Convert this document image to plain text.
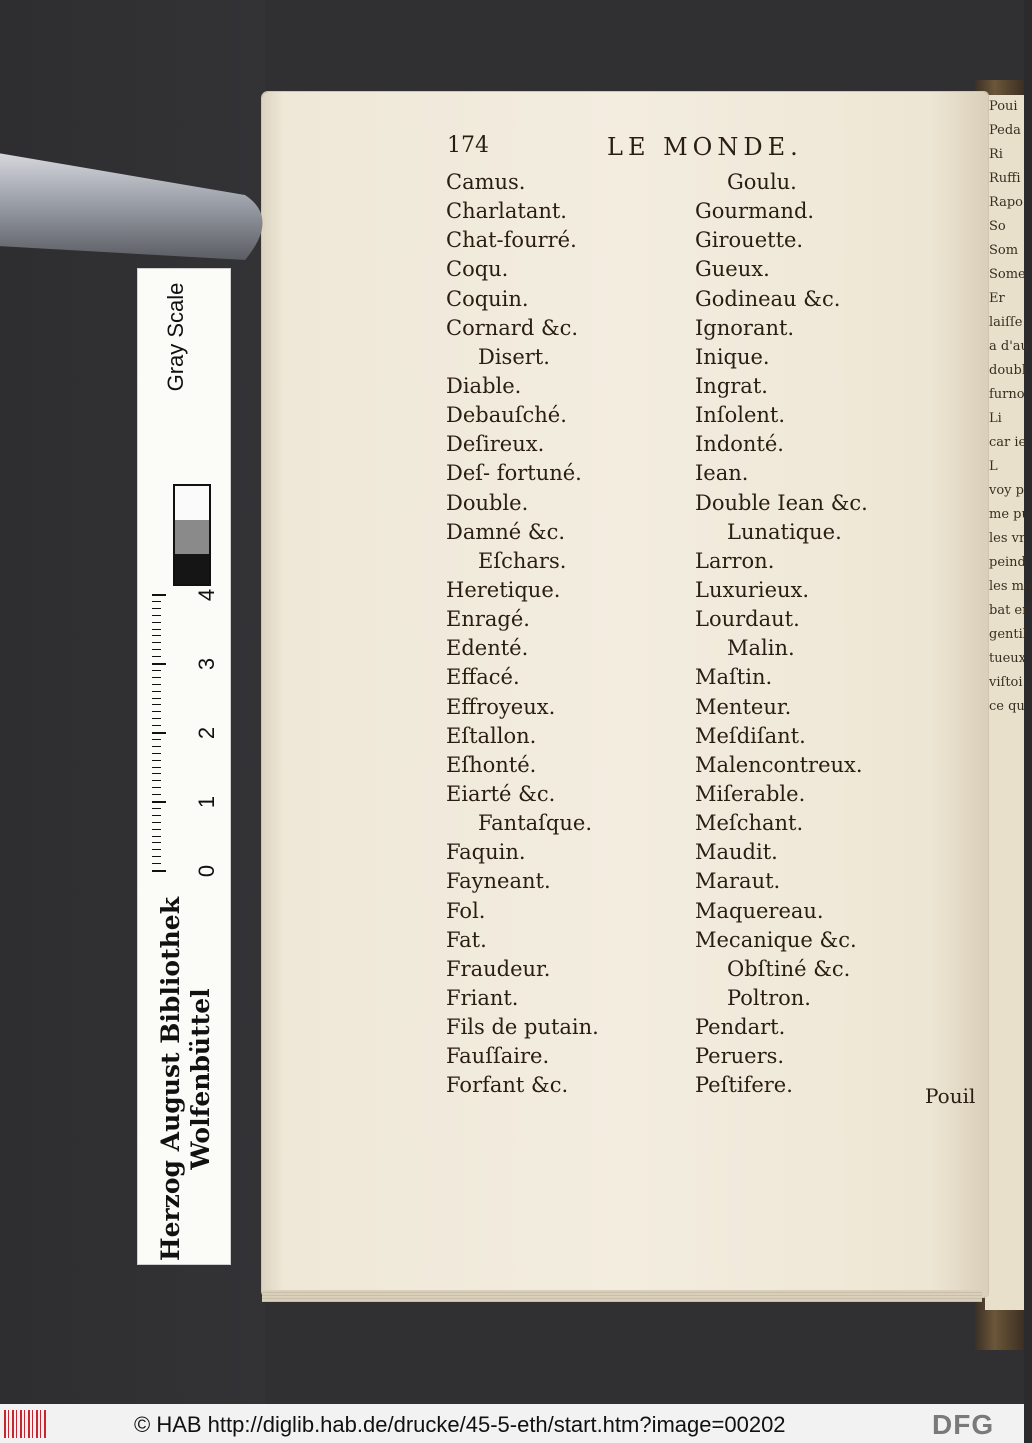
Poui
Peda
Ri
Ruffi
Rapo
So
Som
Some
Er
laiſſe
a d'au
doubl
furno
Li
car ie
L
voy p
me pu
les vr
peind
les me
bat er
gentil
tueux
viſtoi
ce qu'
174	LE MONDE.
Camus.
Charlatant.
Chat-fourré.
Coqu.
Coquin.
Cornard &c.
Disert.
Diable.
Debauſché.
Deſireux.
Deſ- fortuné.
Double.
Damné &c.
Eſchars.
Heretique.
Enragé.
Edenté.
Effacé.
Effroyeux.
Eſtallon.
Eſhonté.
Eiarté &c.
Fantaſque.
Faquin.
Fayneant.
Fol.
Fat.
Fraudeur.
Friant.
Fils de putain.
Fauſſaire.
Forfant &c.
Goulu.
Gourmand.
Girouette.
Gueux.
Godineau &c.
Ignorant.
Inique.
Ingrat.
Inſolent.
Indonté.
Iean.
Double Iean &c.
Lunatique.
Larron.
Luxurieux.
Lourdaut.
Malin.
Maſtin.
Menteur.
Meſdiſant.
Malencontreux.
Miſerable.
Meſchant.
Maudit.
Maraut.
Maquereau.
Mecanique &c.
Obſtiné &c.
Poltron.
Pendart.
Peruers.
Peſtifere.	Pouil
Gray Scale
4
3
2
1
0
Herzog August Bibliothek Wolfenbüttel
© HAB http://diglib.hab.de/drucke/45-5-eth/start.htm?image=00202	DFG
